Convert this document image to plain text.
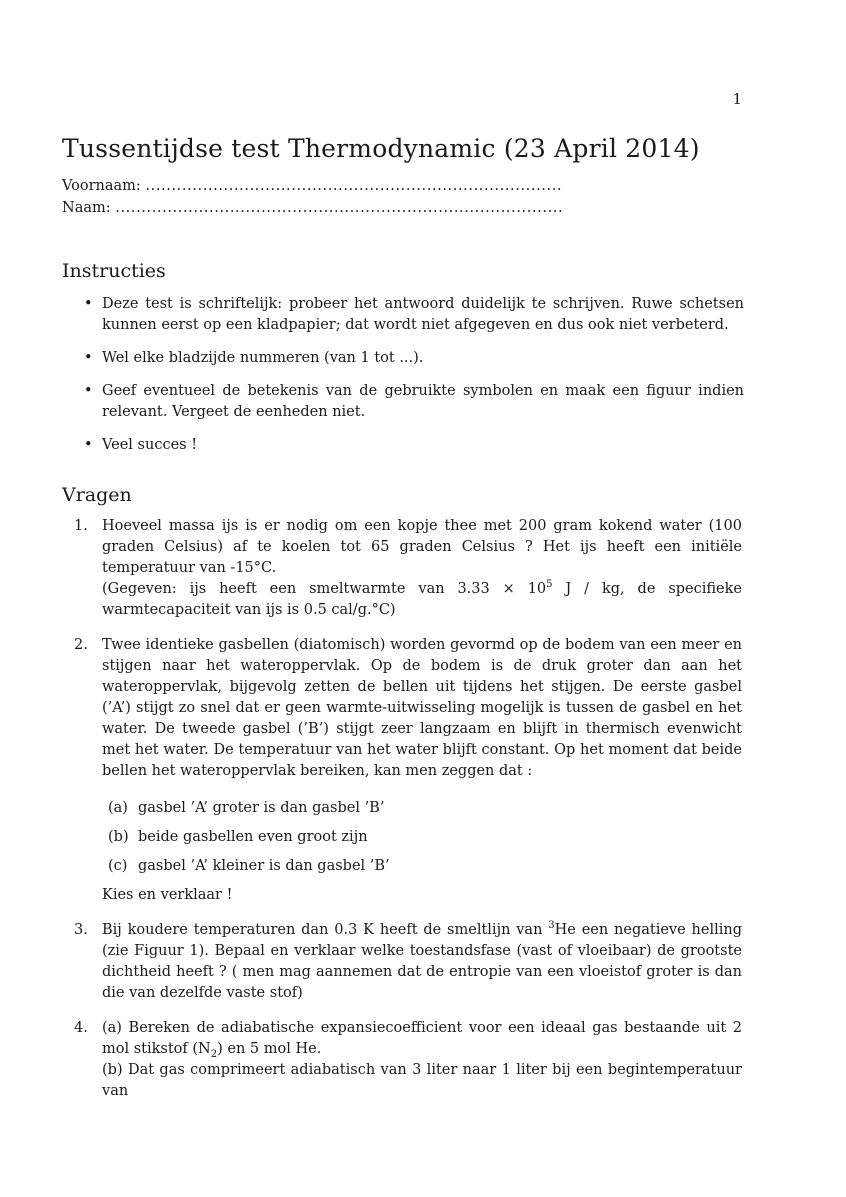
1
Tussentijdse test Thermodynamic (23 April 2014)
Voornaam: ................................................................................
Naam: ......................................................................................
Instructies
• Deze test is schriftelijk: probeer het antwoord duidelijk te schrijven. Ruwe schetsen kunnen eerst op een kladpapier; dat wordt niet afgegeven en dus ook niet verbeterd.
• Wel elke bladzijde nummeren (van 1 tot ...).
• Geef eventueel de betekenis van de gebruikte symbolen en maak een figuur indien relevant. Vergeet de eenheden niet.
• Veel succes !
Vragen
1. Hoeveel massa ijs is er nodig om een kopje thee met 200 gram kokend water (100 graden Celsius) af te koelen tot 65 graden Celsius ? Het ijs heeft een initiële temperatuur van -15°C.

(Gegeven: ijs heeft een smeltwarmte van $3.33 \times 10^5$ J / kg, de specifieke warmtecapaciteit van ijs is 0.5 cal/g.°C)

2. Twee identieke gasbellen (diatomisch) worden gevormd op de bodem van een meer en stijgen naar het wateroppervlak. Op de bodem is de druk groter dan aan het wateroppervlak, bijgevolg zetten de bellen uit tijdens het stijgen. De eerste gasbel (’A’) stijgt zo snel dat er geen warmte-uitwisseling mogelijk is tussen de gasbel en het water. De tweede gasbel (’B’) stijgt zeer langzaam en blijft in thermisch evenwicht met het water. De temperatuur van het water blijft constant. Op het moment dat beide bellen het wateroppervlak bereiken, kan men zeggen dat :

(a) gasbel ’A’ groter is dan gasbel ’B’
(b) beide gasbellen even groot zijn
(c) gasbel ’A’ kleiner is dan gasbel ’B’

Kies en verklaar !

3. Bij koudere temperaturen dan 0.3 K heeft de smeltlijn van $^3$He een negatieve helling (zie Figuur 1). Bepaal en verklaar welke toestandsfase (vast of vloeibaar) de grootste dichtheid heeft ? ( men mag aannemen dat de entropie van een vloeistof groter is dan die van dezelfde vaste stof)

4. (a) Bereken de adiabatische expansiecoefficient voor een ideaal gas bestaande uit 2 mol stikstof $(N_2)$ en 5 mol He.

(b) Dat gas comprimeert adiabatisch van 3 liter naar 1 liter bij een begintemperatuur van
